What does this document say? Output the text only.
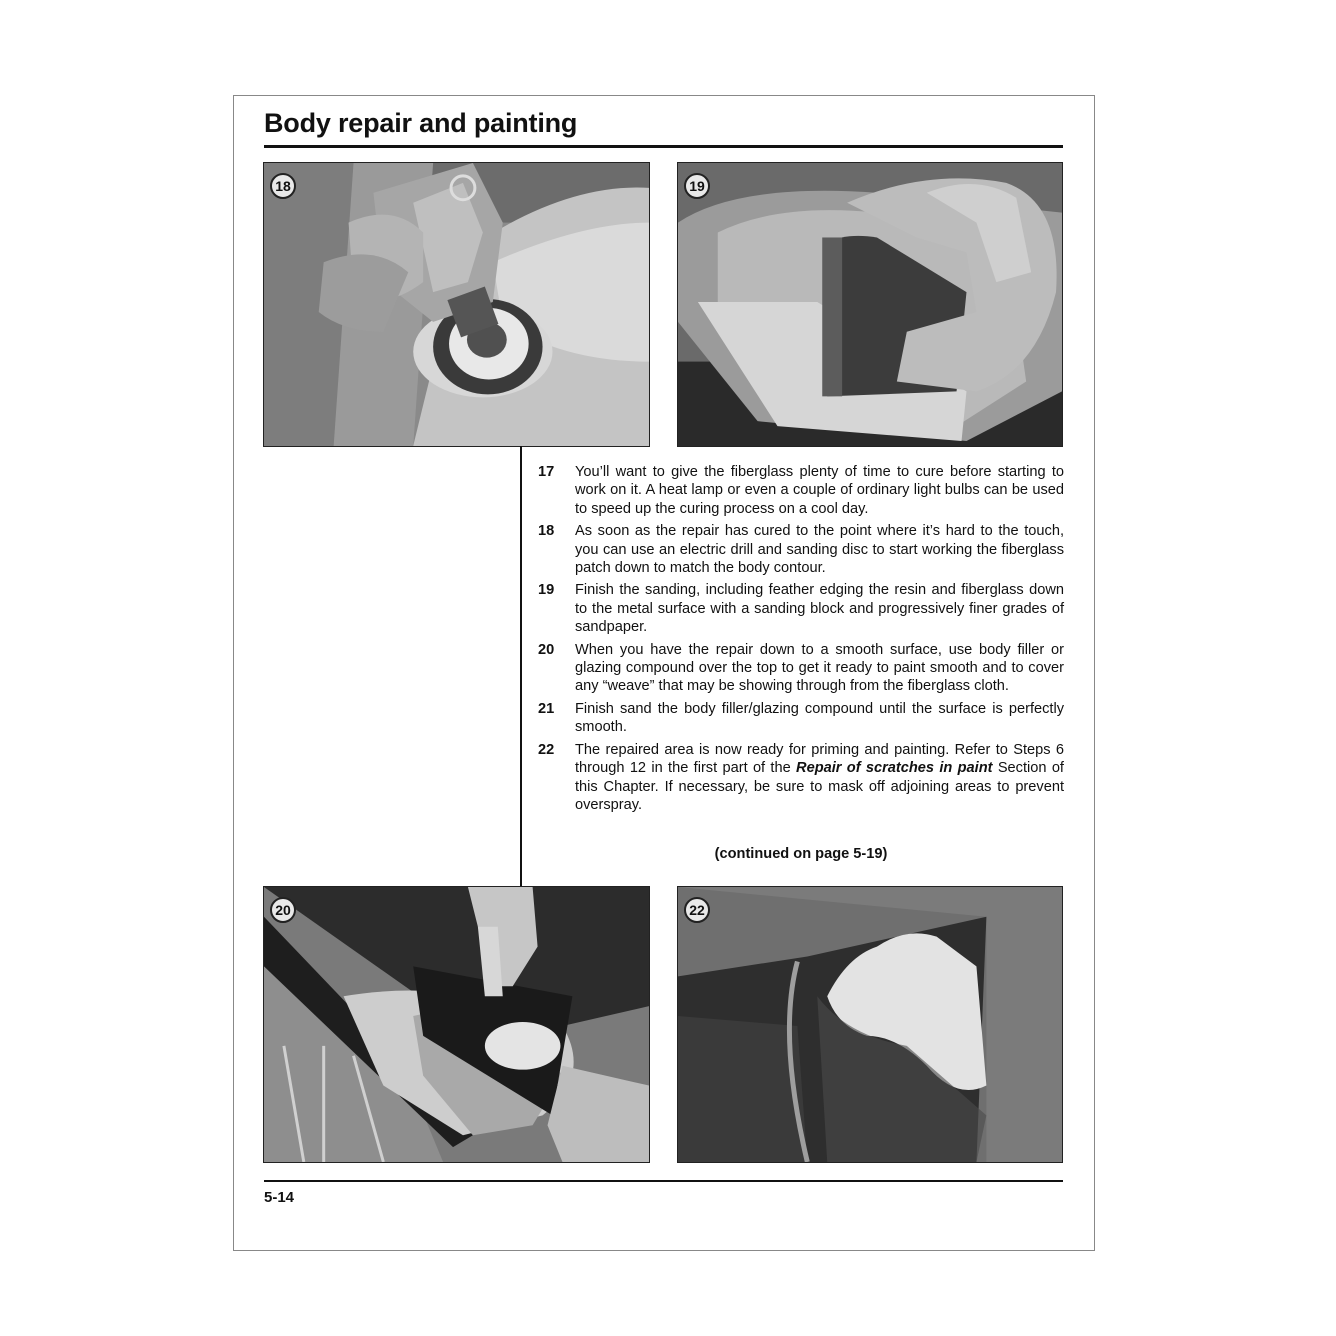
Body repair and painting
18	19
17	You’ll want to give the fiberglass plenty of time to cure before starting to work on it. A heat lamp or even a couple of ordinary light bulbs can be used to speed up the curing process on a cool day.
18	As soon as the repair has cured to the point where it’s hard to the touch, you can use an electric drill and sanding disc to start working the fiberglass patch down to match the body contour.
19	Finish the sanding, including feather edging the resin and fiberglass down to the metal surface with a sanding block and progressively finer grades of sandpaper.
20	When you have the repair down to a smooth surface, use body filler or glazing compound over the top to get it ready to paint smooth and to cover any “weave” that may be showing through from the fiberglass cloth.
21	Finish sand the body filler/glazing compound until the surface is perfectly smooth.
22	The repaired area is now ready for priming and painting. Refer to Steps 6 through 12 in the first part of the Repair of scratches in paint Section of this Chapter. If necessary, be sure to mask off adjoining areas to prevent overspray.
(continued on page 5-19)
20	22
5-14
